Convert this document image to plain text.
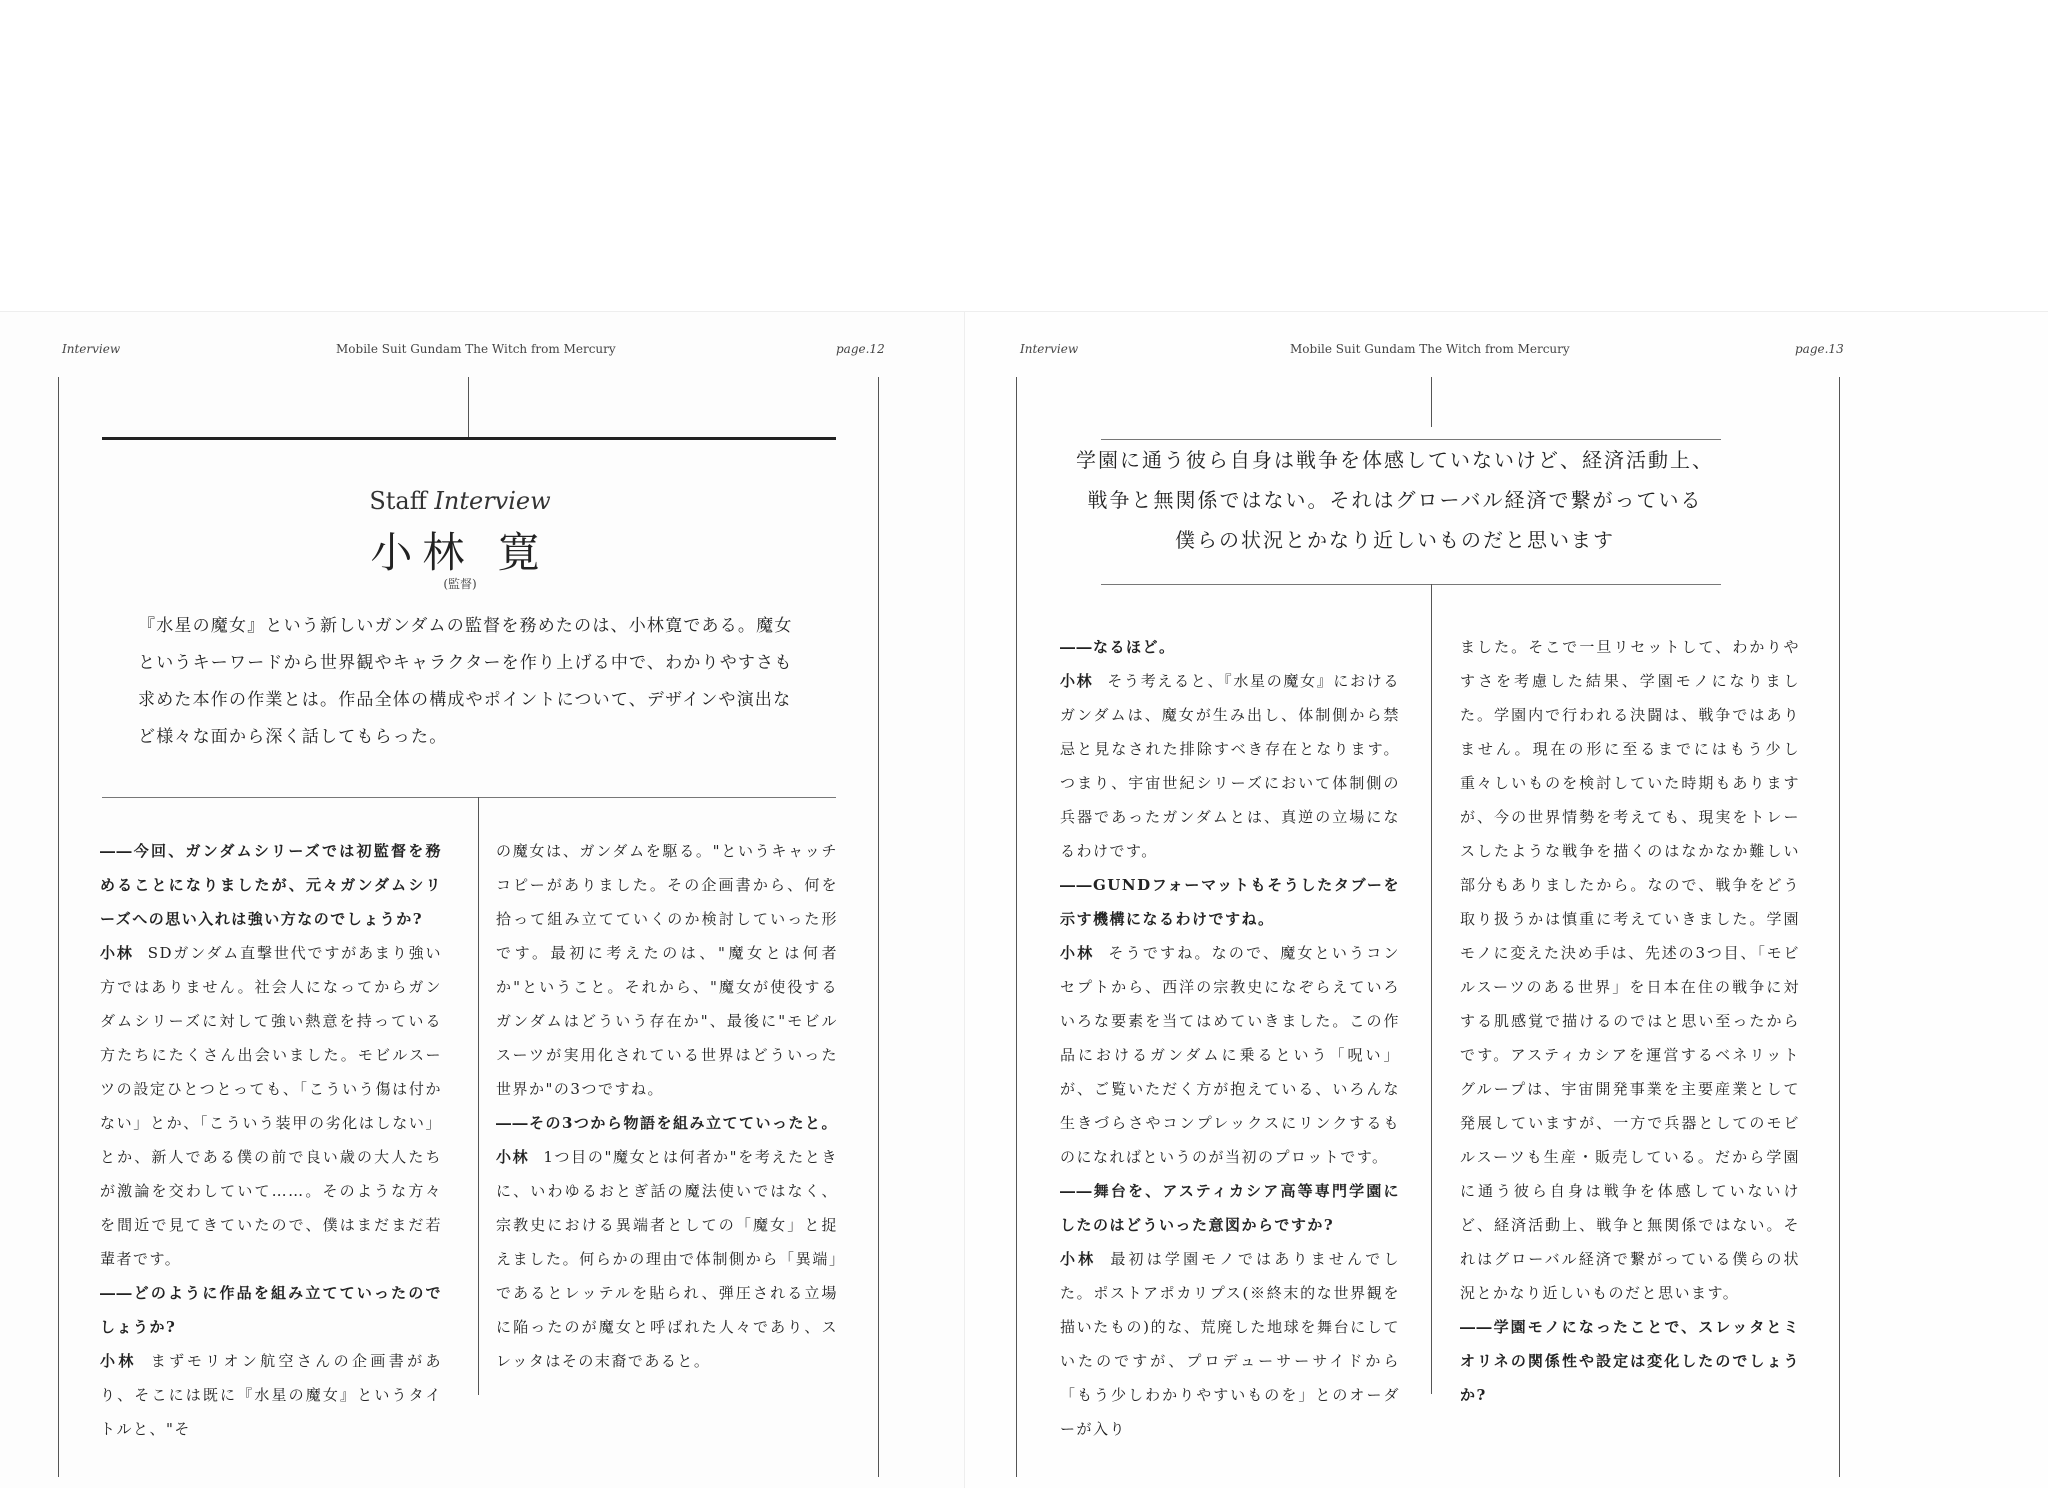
Interview	Mobile Suit Gundam The Witch from Mercury	page.12
Staff Interview
小林 寛
(監督)
『水星の魔女』という新しいガンダムの監督を務めたのは、小林寛である。魔女というキーワードから世界観やキャラクターを作り上げる中で、わかりやすさも求めた本作の作業とは。作品全体の構成やポイントについて、デザインや演出など様々な面から深く話してもらった。

――今回、ガンダムシリーズでは初監督を務めることになりましたが、元々ガンダムシリーズへの思い入れは強い方なのでしょうか?

小林 SDガンダム直撃世代ですがあまり強い方ではありません。社会人になってからガンダムシリーズに対して強い熱意を持っている方たちにたくさん出会いました。モビルスーツの設定ひとつとっても、「こういう傷は付かない」とか、「こういう装甲の劣化はしない」とか、新人である僕の前で良い歳の大人たちが激論を交わしていて……。そのような方々を間近で見てきていたので、僕はまだまだ若輩者です。

――どのように作品を組み立てていったのでしょうか?

小林 まずモリオン航空さんの企画書があり、そこには既に『水星の魔女』というタイトルと、"そ

の魔女は、ガンダムを駆る。"というキャッチコピーがありました。その企画書から、何を拾って組み立てていくのか検討していった形です。最初に考えたのは、"魔女とは何者か"ということ。それから、"魔女が使役するガンダムはどういう存在か"、最後に"モビルスーツが実用化されている世界はどういった世界か"の3つですね。

――その3つから物語を組み立てていったと。

小林 1つ目の"魔女とは何者か"を考えたときに、いわゆるおとぎ話の魔法使いではなく、宗教史における異端者としての「魔女」と捉えました。何らかの理由で体制側から「異端」であるとレッテルを貼られ、弾圧される立場に陥ったのが魔女と呼ばれた人々であり、スレッタはその末裔であると。

Interview	Mobile Suit Gundam The Witch from Mercury	page.13
学園に通う彼ら自身は戦争を体感していないけど、経済活動上、
戦争と無関係ではない。それはグローバル経済で繋がっている
僕らの状況とかなり近しいものだと思います

――なるほど。

小林 そう考えると、『水星の魔女』におけるガンダムは、魔女が生み出し、体制側から禁忌と見なされた排除すべき存在となります。つまり、宇宙世紀シリーズにおいて体制側の兵器であったガンダムとは、真逆の立場になるわけです。

――GUNDフォーマットもそうしたタブーを示す機構になるわけですね。

小林 そうですね。なので、魔女というコンセプトから、西洋の宗教史になぞらえていろいろな要素を当てはめていきました。この作品におけるガンダムに乗るという「呪い」が、ご覧いただく方が抱えている、いろんな生きづらさやコンプレックスにリンクするものになればというのが当初のプロットです。

――舞台を、アスティカシア高等専門学園にしたのはどういった意図からですか?

小林 最初は学園モノではありませんでした。ポストアポカリプス(※終末的な世界観を描いたもの)的な、荒廃した地球を舞台にしていたのですが、プロデューサーサイドから「もう少しわかりやすいものを」とのオーダーが入り

ました。そこで一旦リセットして、わかりやすさを考慮した結果、学園モノになりました。学園内で行われる決闘は、戦争ではありません。現在の形に至るまでにはもう少し重々しいものを検討していた時期もありますが、今の世界情勢を考えても、現実をトレースしたような戦争を描くのはなかなか難しい部分もありましたから。なので、戦争をどう取り扱うかは慎重に考えていきました。学園モノに変えた決め手は、先述の3つ目、「モビルスーツのある世界」を日本在住の戦争に対する肌感覚で描けるのではと思い至ったからです。アスティカシアを運営するベネリットグループは、宇宙開発事業を主要産業として発展していますが、一方で兵器としてのモビルスーツも生産・販売している。だから学園に通う彼ら自身は戦争を体感していないけど、経済活動上、戦争と無関係ではない。それはグローバル経済で繋がっている僕らの状況とかなり近しいものだと思います。

――学園モノになったことで、スレッタとミオリネの関係性や設定は変化したのでしょうか?
